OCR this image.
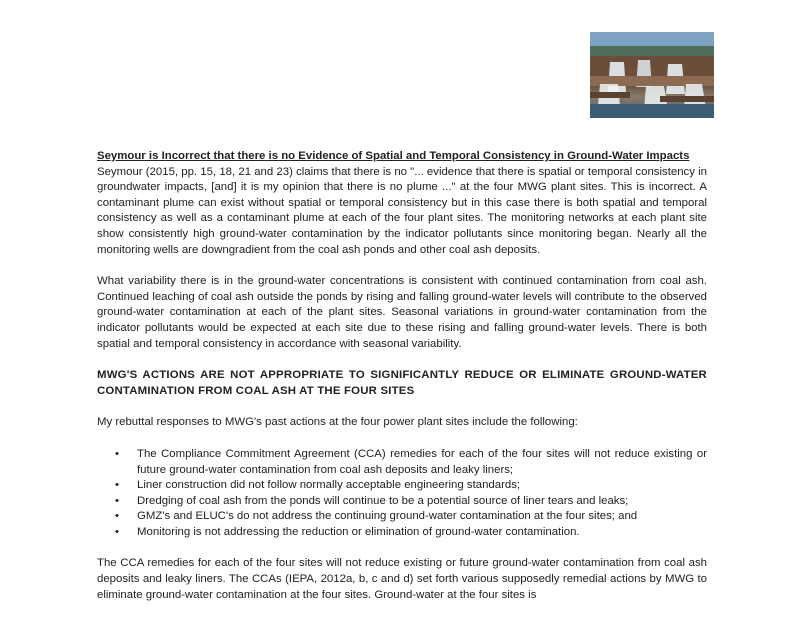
Seymour is Incorrect that there is no Evidence of Spatial and Temporal Consistency in Ground-Water Impacts

Seymour (2015, pp. 15, 18, 21 and 23) claims that there is no "... evidence that there is spatial or temporal consistency in groundwater impacts, [and] it is my opinion that there is no plume ..." at the four MWG plant sites. This is incorrect. A contaminant plume can exist without spatial or temporal consistency but in this case there is both spatial and temporal consistency as well as a contaminant plume at each of the four plant sites. The monitoring networks at each plant site show consistently high ground-water contamination by the indicator pollutants since monitoring began. Nearly all the monitoring wells are downgradient from the coal ash ponds and other coal ash deposits.

What variability there is in the ground-water concentrations is consistent with continued contamination from coal ash. Continued leaching of coal ash outside the ponds by rising and falling ground-water levels will contribute to the observed ground-water contamination at each of the plant sites. Seasonal variations in ground-water contamination from the indicator pollutants would be expected at each site due to these rising and falling ground-water levels. There is both spatial and temporal consistency in accordance with seasonal variability.

MWG'S ACTIONS ARE NOT APPROPRIATE TO SIGNIFICANTLY REDUCE OR ELIMINATE GROUND-WATER CONTAMINATION FROM COAL ASH AT THE FOUR SITES

My rebuttal responses to MWG's past actions at the four power plant sites include the following:

• The Compliance Commitment Agreement (CCA) remedies for each of the four sites will not reduce existing or future ground-water contamination from coal ash deposits and leaky liners;
• Liner construction did not follow normally acceptable engineering standards;
• Dredging of coal ash from the ponds will continue to be a potential source of liner tears and leaks;
• GMZ's and ELUC's do not address the continuing ground-water contamination at the four sites; and
• Monitoring is not addressing the reduction or elimination of ground-water contamination.

The CCA remedies for each of the four sites will not reduce existing or future ground-water contamination from coal ash deposits and leaky liners. The CCAs (IEPA, 2012a, b, c and d) set forth various supposedly remedial actions by MWG to eliminate ground-water contamination at the four sites. Ground-water at the four sites is
